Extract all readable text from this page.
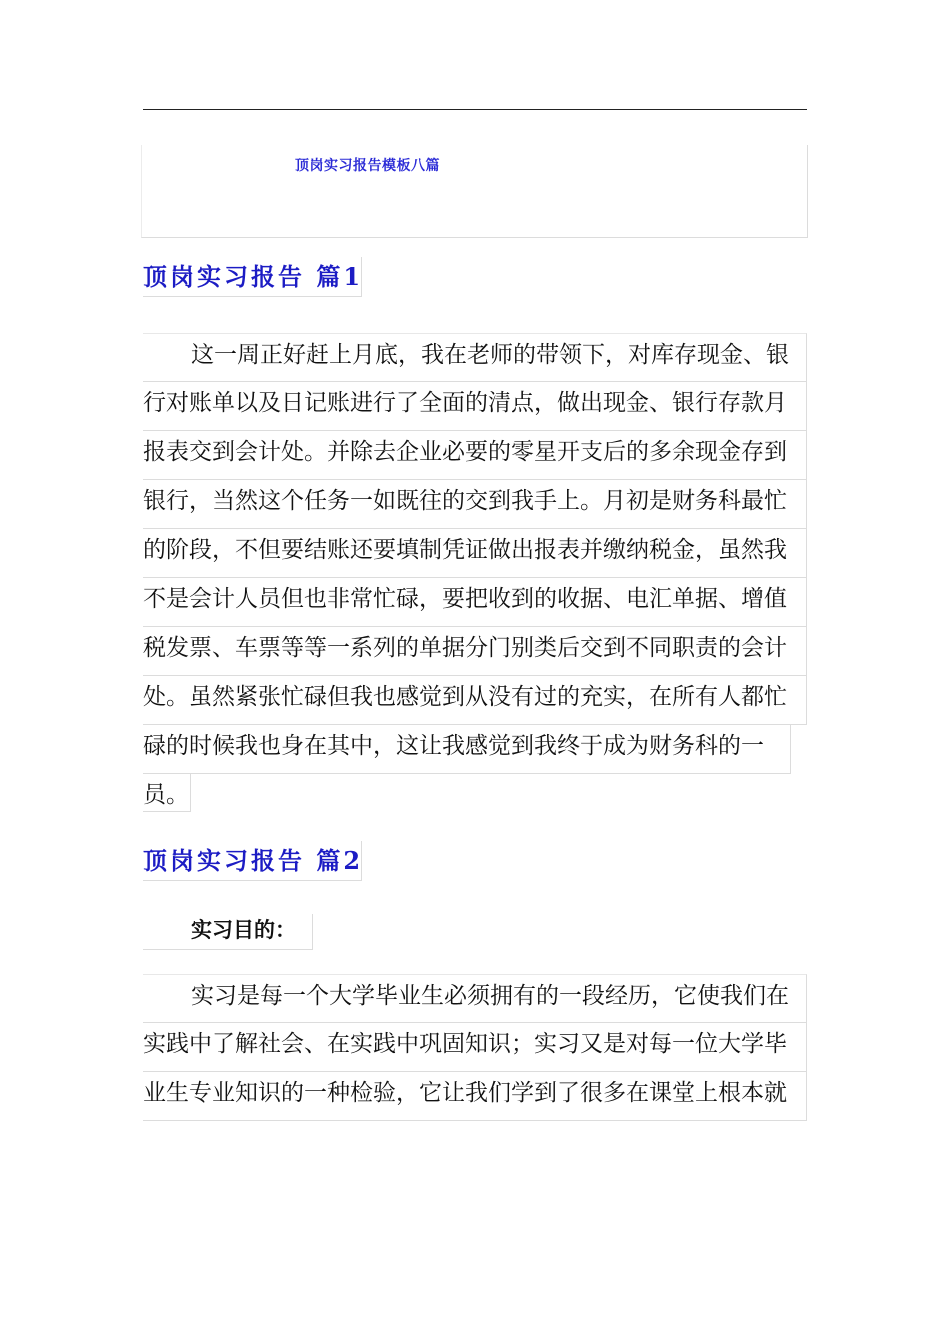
顶岗实习报告模板八篇
顶岗实习报告 篇1
这一周正好赶上月底，我在老师的带领下，对库存现金、银
行对账单以及日记账进行了全面的清点，做出现金、银行存款月
报表交到会计处。并除去企业必要的零星开支后的多余现金存到
银行，当然这个任务一如既往的交到我手上。月初是财务科最忙
的阶段，不但要结账还要填制凭证做出报表并缴纳税金，虽然我
不是会计人员但也非常忙碌，要把收到的收据、电汇单据、增值
税发票、车票等等一系列的单据分门别类后交到不同职责的会计
处。虽然紧张忙碌但我也感觉到从没有过的充实，在所有人都忙
碌的时候我也身在其中，这让我感觉到我终于成为财务科的一
员。
顶岗实习报告 篇2
实习目的：
实习是每一个大学毕业生必须拥有的一段经历，它使我们在
实践中了解社会、在实践中巩固知识；实习又是对每一位大学毕
业生专业知识的一种检验，它让我们学到了很多在课堂上根本就
